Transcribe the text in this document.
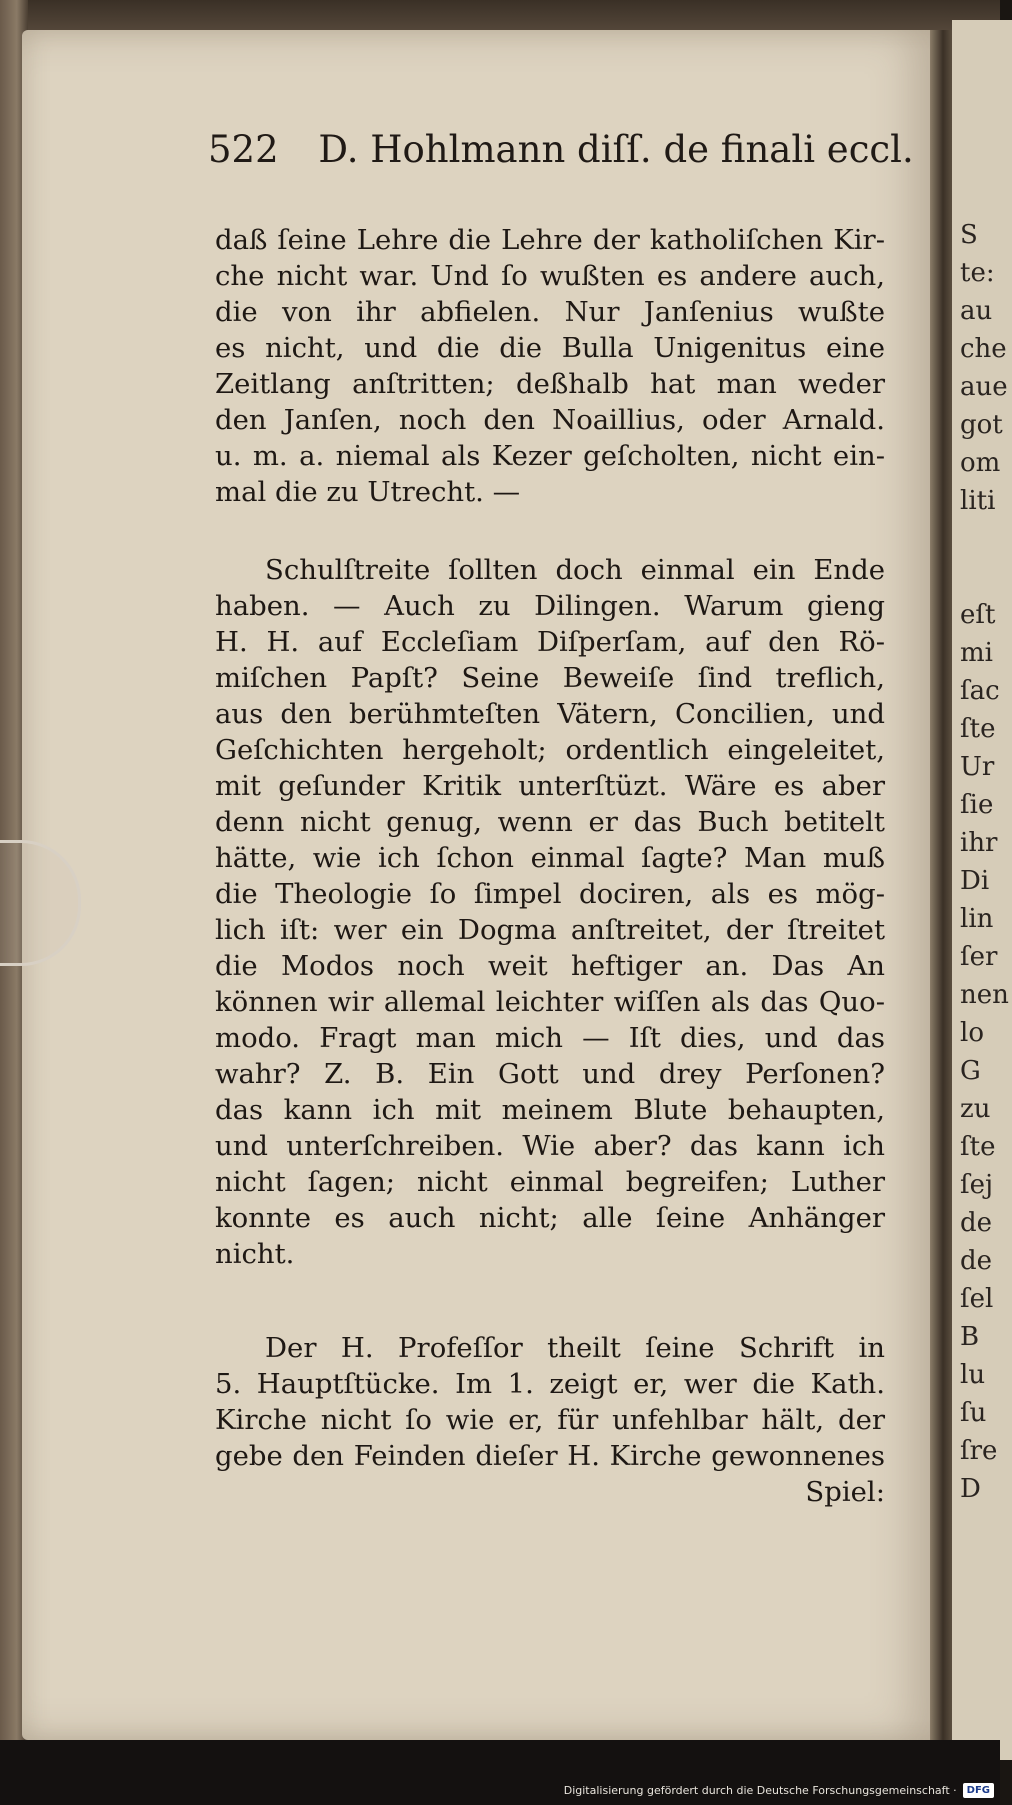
S
te:
au
che
aue
got
om
liti
eſt
mi
ſac
ſte
Ur
ſie
ihr
Di
lin
ſer
nen
lo
G
zu
ſte
ſej
de
de
ſel
B
lu
ſu
ſre
D
522 D. Hohlmann diſſ. de finali eccl.
daß ſeine Lehre die Lehre der katholiſchen Kir-
che nicht war. Und ſo wußten es andere auch,
die von ihr abfielen. Nur Janſenius wußte
es nicht, und die die Bulla Unigenitus eine
Zeitlang anſtritten; deßhalb hat man weder
den Janſen, noch den Noaillius, oder Arnald.
u. m. a. niemal als Kezer geſcholten, nicht ein-
mal die zu Utrecht. —
Schulſtreite ſollten doch einmal ein Ende
haben. — Auch zu Dilingen. Warum gieng
H. H. auf Eccleſiam Diſperſam, auf den Rö-
miſchen Papſt? Seine Beweiſe ſind treflich,
aus den berühmteſten Vätern, Concilien, und
Geſchichten hergeholt; ordentlich eingeleitet,
mit geſunder Kritik unterſtüzt. Wäre es aber
denn nicht genug, wenn er das Buch betitelt
hätte, wie ich ſchon einmal ſagte? Man muß
die Theologie ſo ſimpel dociren, als es mög-
lich iſt: wer ein Dogma anſtreitet, der ſtreitet
die Modos noch weit heftiger an. Das An
können wir allemal leichter wiſſen als das Quo-
modo. Fragt man mich — Iſt dies, und das
wahr? Z. B. Ein Gott und drey Perſonen?
das kann ich mit meinem Blute behaupten,
und unterſchreiben. Wie aber? das kann ich
nicht ſagen; nicht einmal begreifen; Luther
konnte es auch nicht; alle ſeine Anhänger
nicht.
Der H. Profeſſor theilt ſeine Schrift in
5. Hauptſtücke. Im 1. zeigt er, wer die Kath.
Kirche nicht ſo wie er, für unfehlbar hält, der
gebe den Feinden dieſer H. Kirche gewonnenes
Spiel:
Digitalisierung gefördert durch die Deutsche Forschungsgemeinschaft ·	DFG
